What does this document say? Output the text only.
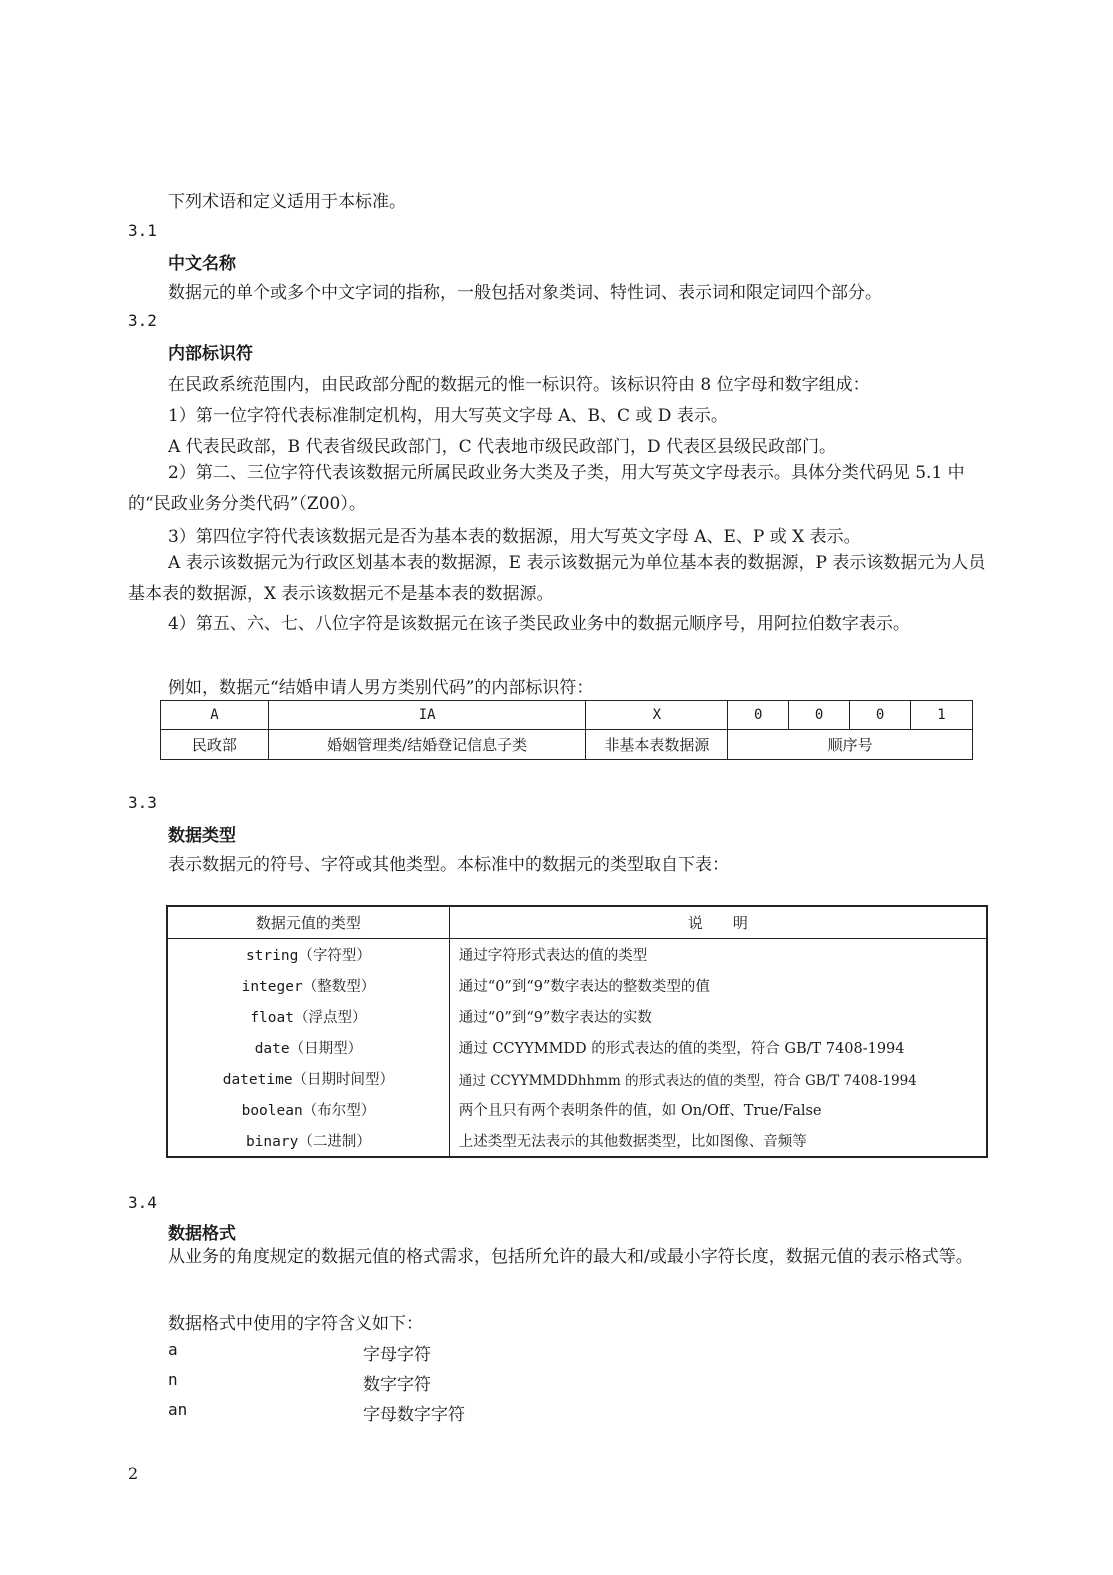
下列术语和定义适用于本标准。
3.1
中文名称
数据元的单个或多个中文字词的指称，一般包括对象类词、特性词、表示词和限定词四个部分。
3.2
内部标识符
在民政系统范围内，由民政部分配的数据元的惟一标识符。该标识符由 8 位字母和数字组成：
1）第一位字符代表标准制定机构，用大写英文字母 A、B、C 或 D 表示。
A 代表民政部，B 代表省级民政部门，C 代表地市级民政部门，D 代表区县级民政部门。
2）第二、三位字符代表该数据元所属民政业务大类及子类，用大写英文字母表示。具体分类代码见 5.1 中的“民政业务分类代码”（Z00）。
3）第四位字符代表该数据元是否为基本表的数据源，用大写英文字母 A、E、P 或 X 表示。
A 表示该数据元为行政区划基本表的数据源，E 表示该数据元为单位基本表的数据源，P 表示该数据元为人员基本表的数据源，X 表示该数据元不是基本表的数据源。
4）第五、六、七、八位字符是该数据元在该子类民政业务中的数据元顺序号，用阿拉伯数字表示。
例如，数据元“结婚申请人男方类别代码”的内部标识符：
A	IA	X	0	0	0	1
民政部	婚姻管理类/结婚登记信息子类	非基本表数据源	顺序号			
3.3
数据类型
表示数据元的符号、字符或其他类型。本标准中的数据元的类型取自下表：
数据元值的类型	说　　明
string（字符型）	通过字符形式表达的值的类型
integer（整数型）	通过“0”到“9”数字表达的整数类型的值
float（浮点型）	通过“0”到“9”数字表达的实数
date（日期型）	通过 CCYYMMDD 的形式表达的值的类型，符合 GB/T 7408-1994
datetime（日期时间型）	通过 CCYYMMDDhhmm 的形式表达的值的类型，符合 GB/T 7408-1994
boolean（布尔型）	两个且只有两个表明条件的值，如 On/Off、True/False
binary（二进制）	上述类型无法表示的其他数据类型，比如图像、音频等
3.4
数据格式
从业务的角度规定的数据元值的格式需求，包括所允许的最大和/或最小字符长度，数据元值的表示格式等。
数据格式中使用的字符含义如下：
a	字母字符
n	数字字符
an	字母数字字符
2
